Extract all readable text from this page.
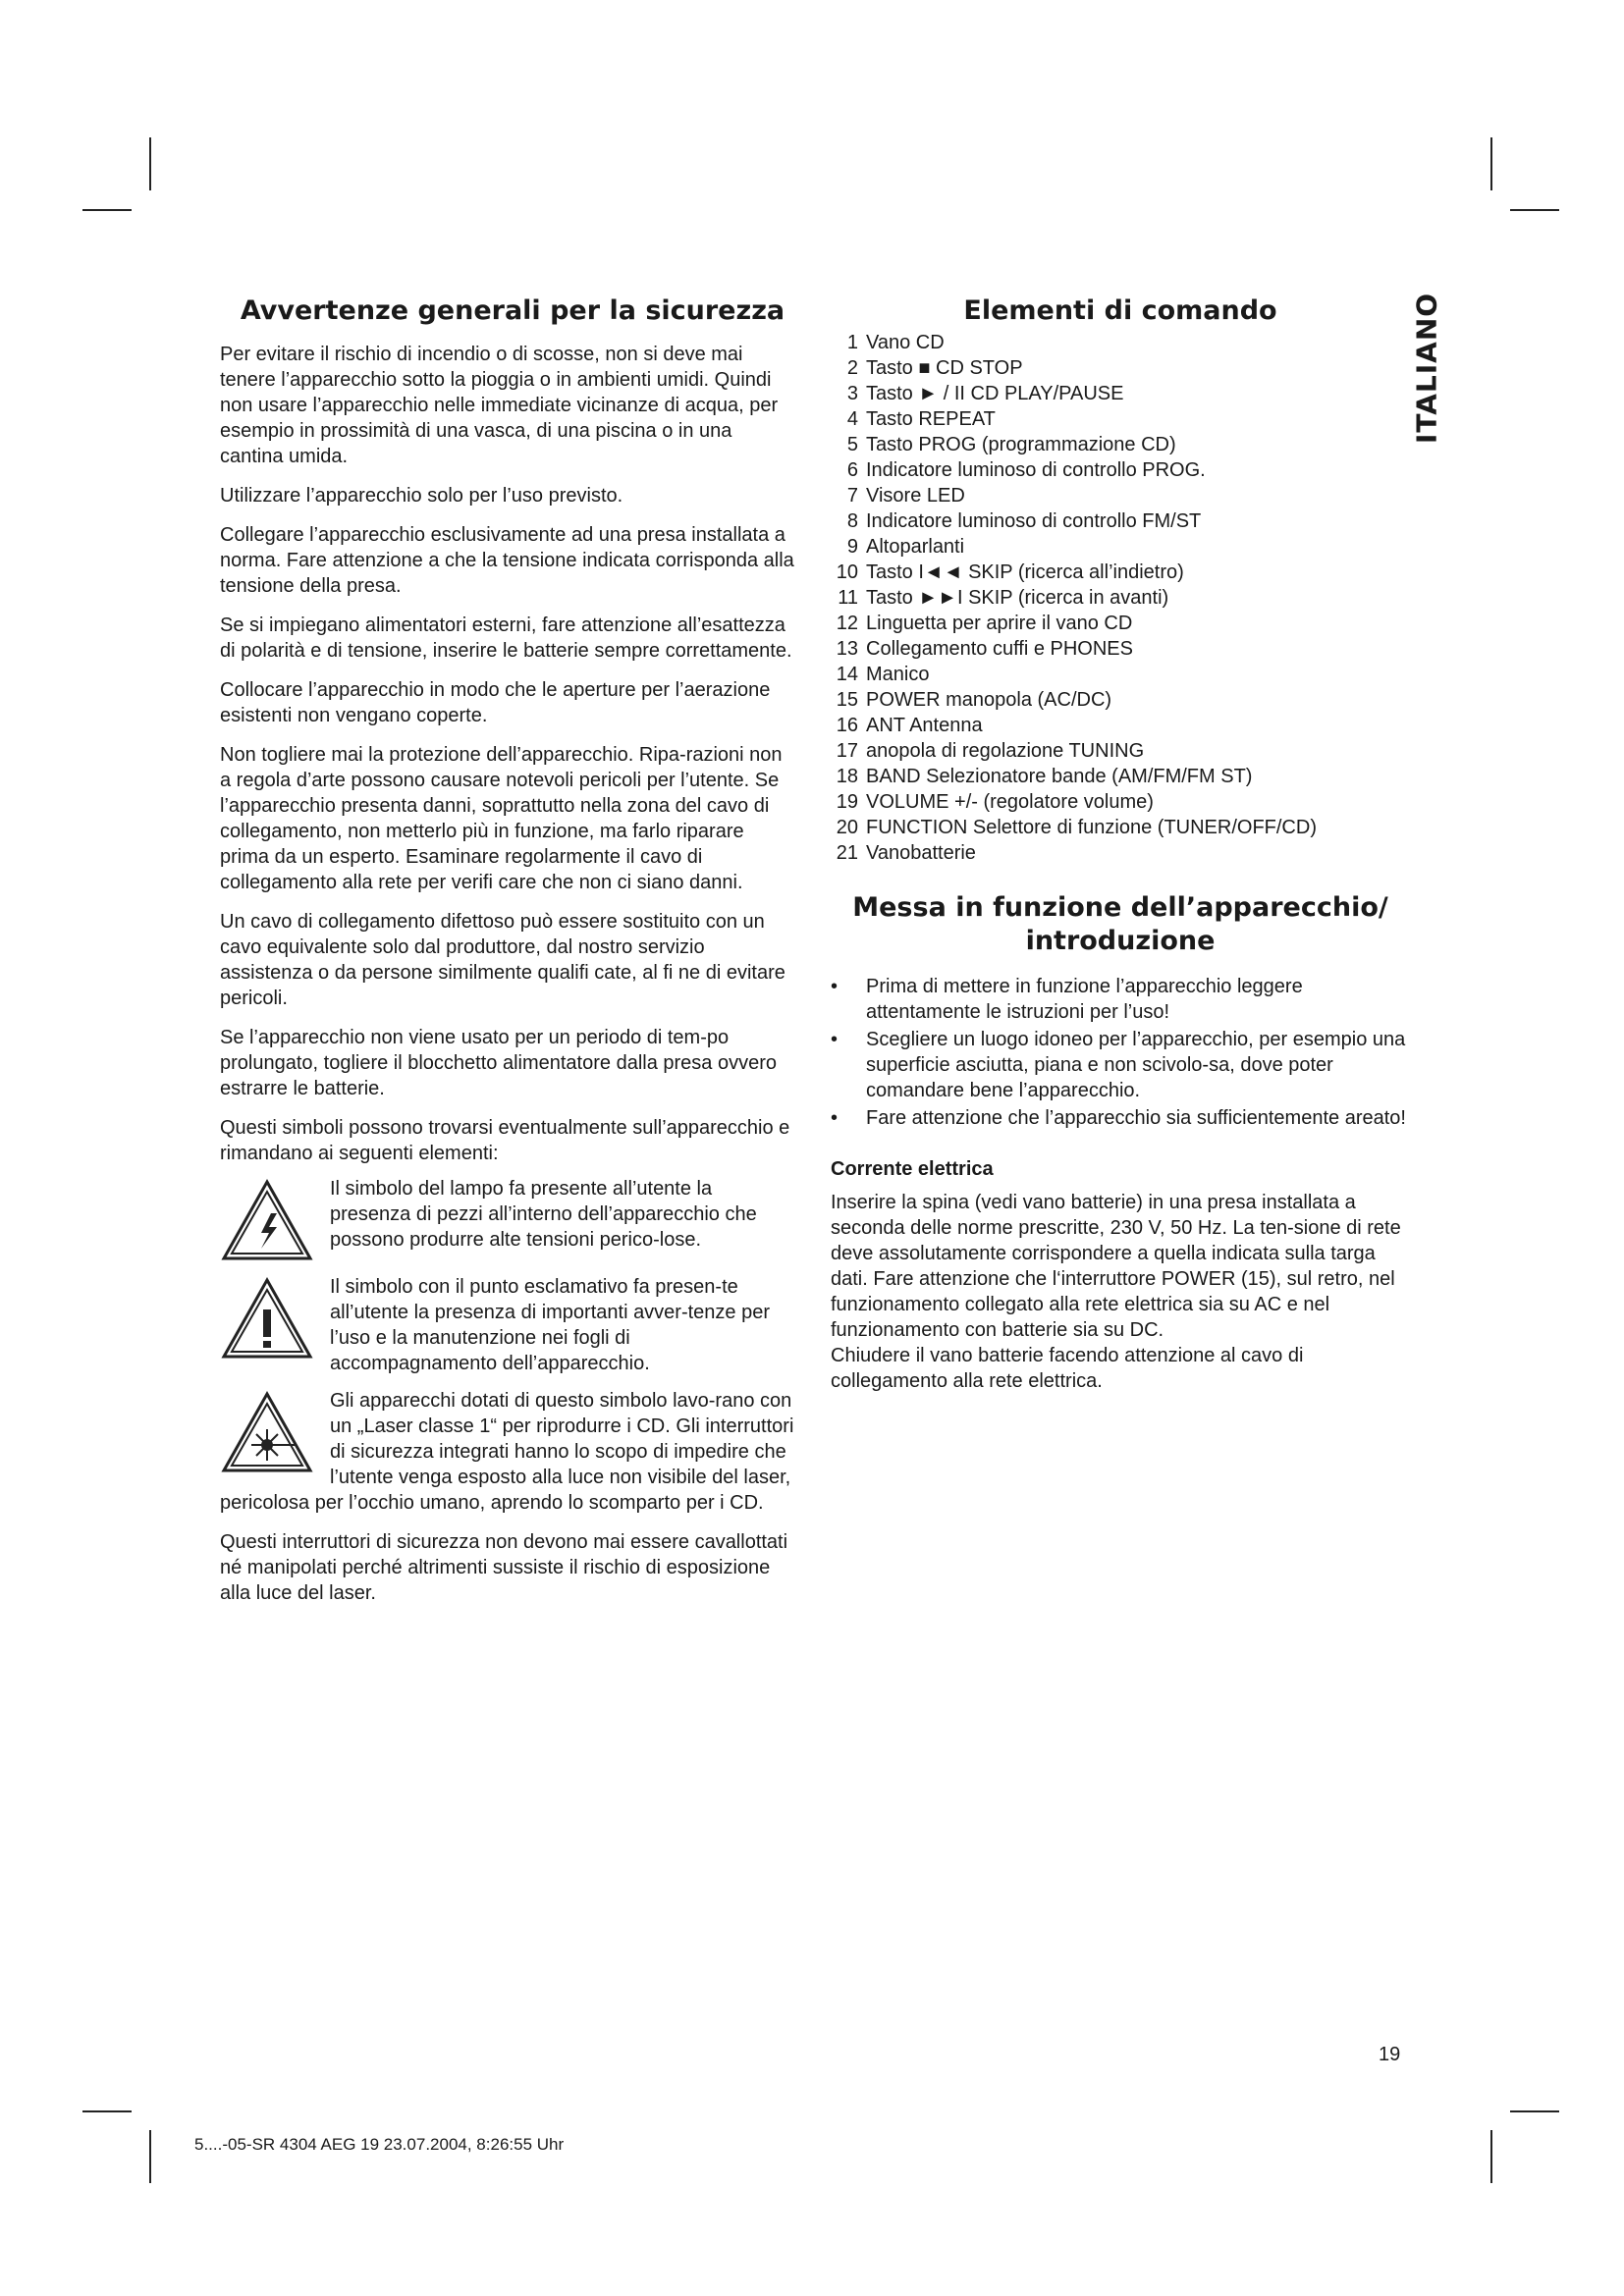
ITALIANO
Avvertenze generali per la sicurezza

Per evitare il rischio di incendio o di scosse, non si deve mai tenere l’apparecchio sotto la pioggia o in ambienti umidi. Quindi non usare l’apparecchio nelle immediate vicinanze di acqua, per esempio in prossimità di una vasca, di una piscina o in una cantina umida.

Utilizzare l’apparecchio solo per l’uso previsto.

Collegare l’apparecchio esclusivamente ad una presa installata a norma. Fare attenzione a che la tensione indicata corrisponda alla tensione della presa.

Se si impiegano alimentatori esterni, fare attenzione all’esattezza di polarità e di tensione, inserire le batterie sempre correttamente.

Collocare l’apparecchio in modo che le aperture per l’aerazione esistenti non vengano coperte.

Non togliere mai la protezione dell’apparecchio. Ripa-razioni non a regola d’arte possono causare notevoli pericoli per l’utente. Se l’apparecchio presenta danni, soprattutto nella zona del cavo di collegamento, non metterlo più in funzione, ma farlo riparare prima da un esperto. Esaminare regolarmente il cavo di collegamento alla rete per verifi care che non ci siano danni.

Un cavo di collegamento difettoso può essere sostituito con un cavo equivalente solo dal produttore, dal nostro servizio assistenza o da persone similmente qualifi cate, al fi ne di evitare pericoli.

Se l’apparecchio non viene usato per un periodo di tem-po prolungato, togliere il blocchetto alimentatore dalla presa ovvero estrarre le batterie.

Questi simboli possono trovarsi eventualmente sull’apparecchio e rimandano ai seguenti elementi:

Il simbolo del lampo fa presente all’utente la presenza di pezzi all’interno dell’apparecchio che possono produrre alte tensioni perico-lose.

Il simbolo con il punto esclamativo fa presen-te all’utente la presenza di importanti avver-tenze per l’uso e la manutenzione nei fogli di accompagnamento dell’apparecchio.

Gli apparecchi dotati di questo simbolo lavo-rano con un „Laser classe 1“ per riprodurre i CD. Gli interruttori di sicurezza integrati hanno lo scopo di impedire che l’utente venga esposto alla luce non visibile del laser, pericolosa per l’occhio umano, aprendo lo scomparto per i CD.

Questi interruttori di sicurezza non devono mai essere cavallottati né manipolati perché altrimenti sussiste il rischio di esposizione alla luce del laser.

Elementi di comando
1 Vano CD
2 Tasto ■ CD STOP
3 Tasto ► / II CD PLAY/PAUSE
4 Tasto REPEAT
5 Tasto PROG (programmazione CD)
6 Indicatore luminoso di controllo PROG.
7 Visore LED
8 Indicatore luminoso di controllo FM/ST
9 Altoparlanti
10 Tasto I◄◄ SKIP (ricerca all’indietro)
11 Tasto ►►I SKIP (ricerca in avanti)
12 Linguetta per aprire il vano CD
13 Collegamento cuffi e PHONES
14 Manico
15 POWER manopola (AC/DC)
16 ANT Antenna
17 anopola di regolazione TUNING
18 BAND Selezionatore bande (AM/FM/FM ST)
19 VOLUME +/- (regolatore volume)
20 FUNCTION Selettore di funzione (TUNER/OFF/CD)
21 Vanobatterie
Messa in funzione dell’apparecchio/
introduzione
• Prima di mettere in funzione l’apparecchio leggere attentamente le istruzioni per l’uso!
• Scegliere un luogo idoneo per l’apparecchio, per esempio una superficie asciutta, piana e non scivolo-sa, dove poter comandare bene l’apparecchio.
• Fare attenzione che l’apparecchio sia sufficientemente areato!
Corrente elettrica

Inserire la spina (vedi vano batterie) in una presa installata a seconda delle norme prescritte, 230 V, 50 Hz. La ten-sione di rete deve assolutamente corrispondere a quella indicata sulla targa dati. Fare attenzione che l‘interruttore POWER (15), sul retro, nel funzionamento collegato alla rete elettrica sia su AC e nel funzionamento con batterie sia su DC.

Chiudere il vano batterie facendo attenzione al cavo di collegamento alla rete elettrica.

19
5....-05-SR 4304 AEG 19 23.07.2004, 8:26:55 Uhr
